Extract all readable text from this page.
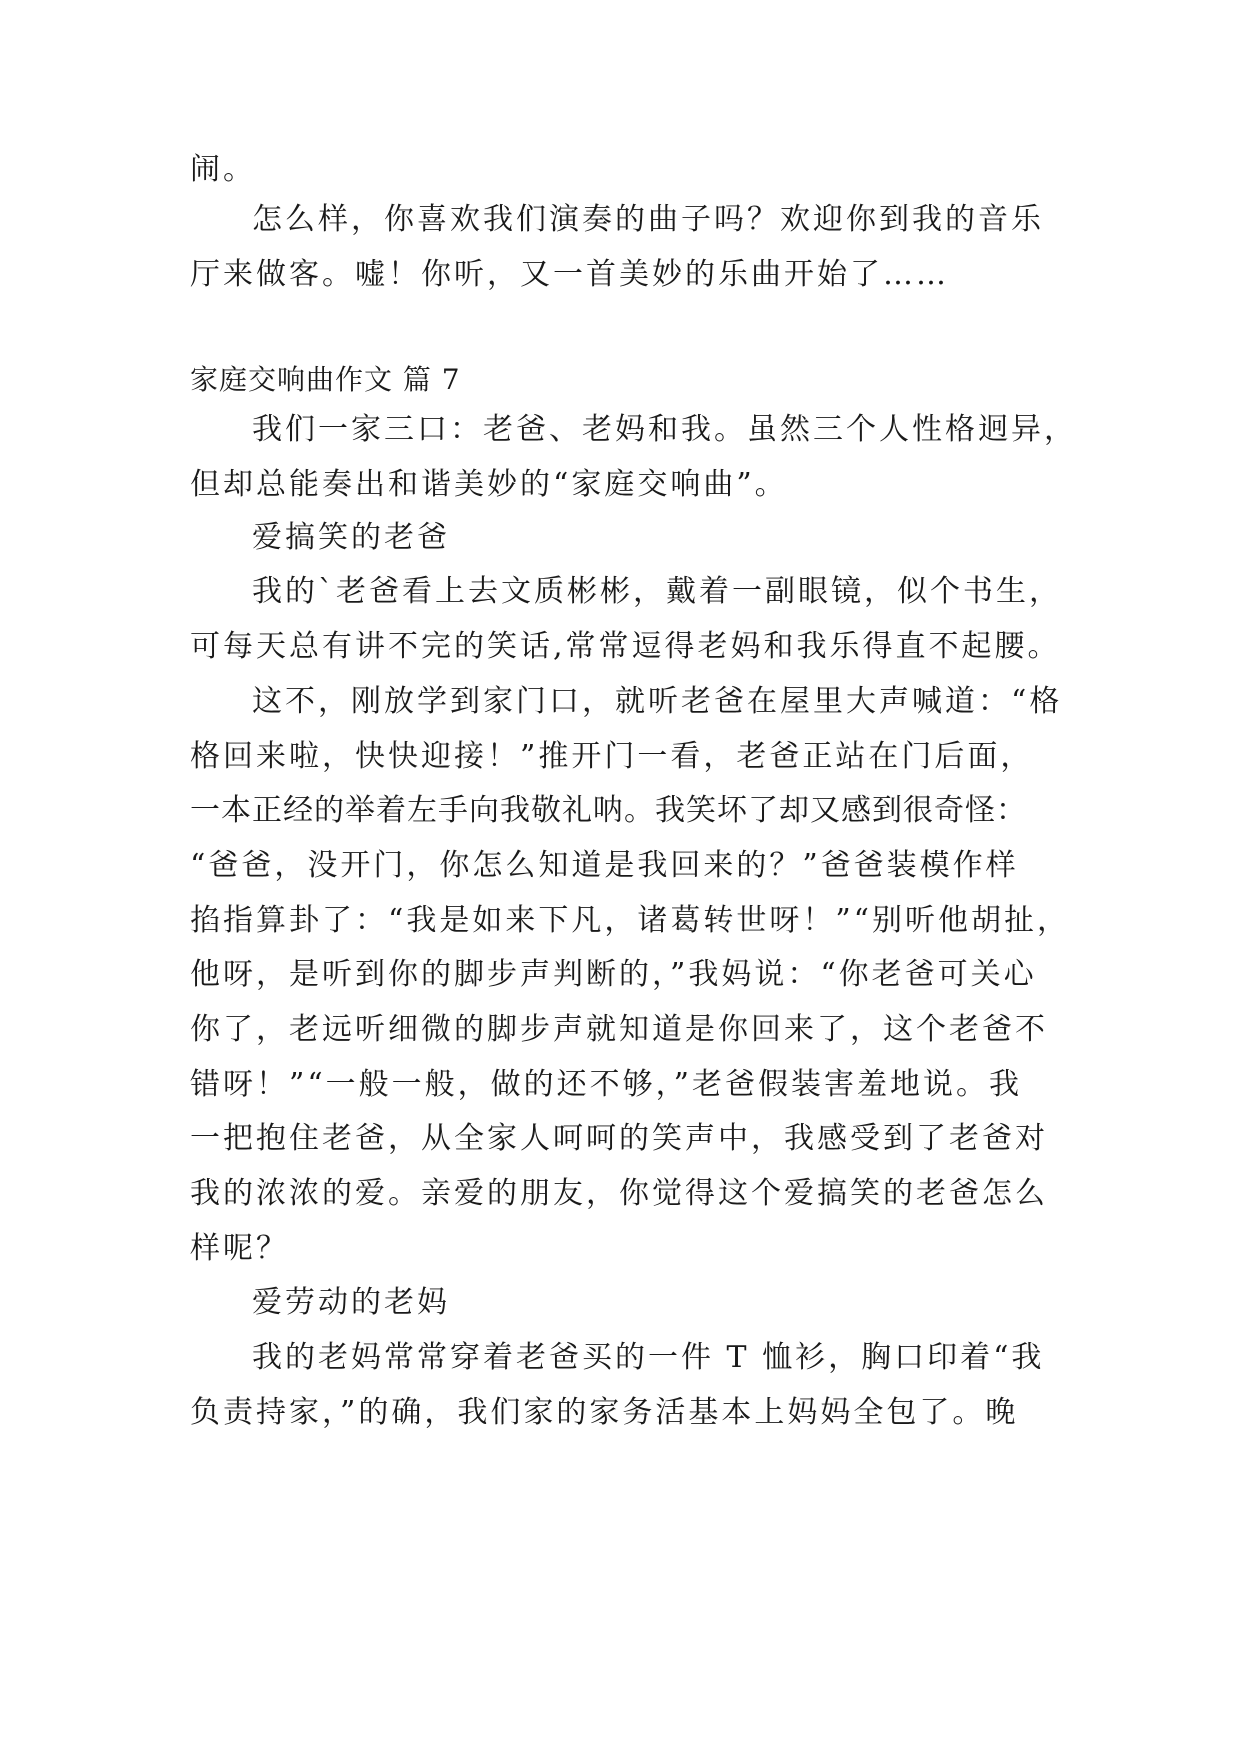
闹。
怎么样，你喜欢我们演奏的曲子吗？欢迎你到我的音乐
厅来做客。嘘！你听，又一首美妙的乐曲开始了……
家庭交响曲作文 篇 7
我们一家三口：老爸、老妈和我。虽然三个人性格迥异，
但却总能奏出和谐美妙的“家庭交响曲”。
爱搞笑的老爸
我的`老爸看上去文质彬彬，戴着一副眼镜，似个书生，
可每天总有讲不完的笑话,常常逗得老妈和我乐得直不起腰。
这不，刚放学到家门口，就听老爸在屋里大声喊道：“格
格回来啦，快快迎接！”推开门一看，老爸正站在门后面，
一本正经的举着左手向我敬礼呐。我笑坏了却又感到很奇怪：
“爸爸，没开门，你怎么知道是我回来的？”爸爸装模作样
掐指算卦了：“我是如来下凡，诸葛转世呀！”“别听他胡扯，
他呀，是听到你的脚步声判断的，”我妈说：“你老爸可关心
你了，老远听细微的脚步声就知道是你回来了，这个老爸不
错呀！”“一般一般，做的还不够，”老爸假装害羞地说。我
一把抱住老爸，从全家人呵呵的笑声中，我感受到了老爸对
我的浓浓的爱。亲爱的朋友，你觉得这个爱搞笑的老爸怎么
样呢？
爱劳动的老妈
我的老妈常常穿着老爸买的一件 T 恤衫，胸口印着“我
负责持家，”的确，我们家的家务活基本上妈妈全包了。晚
